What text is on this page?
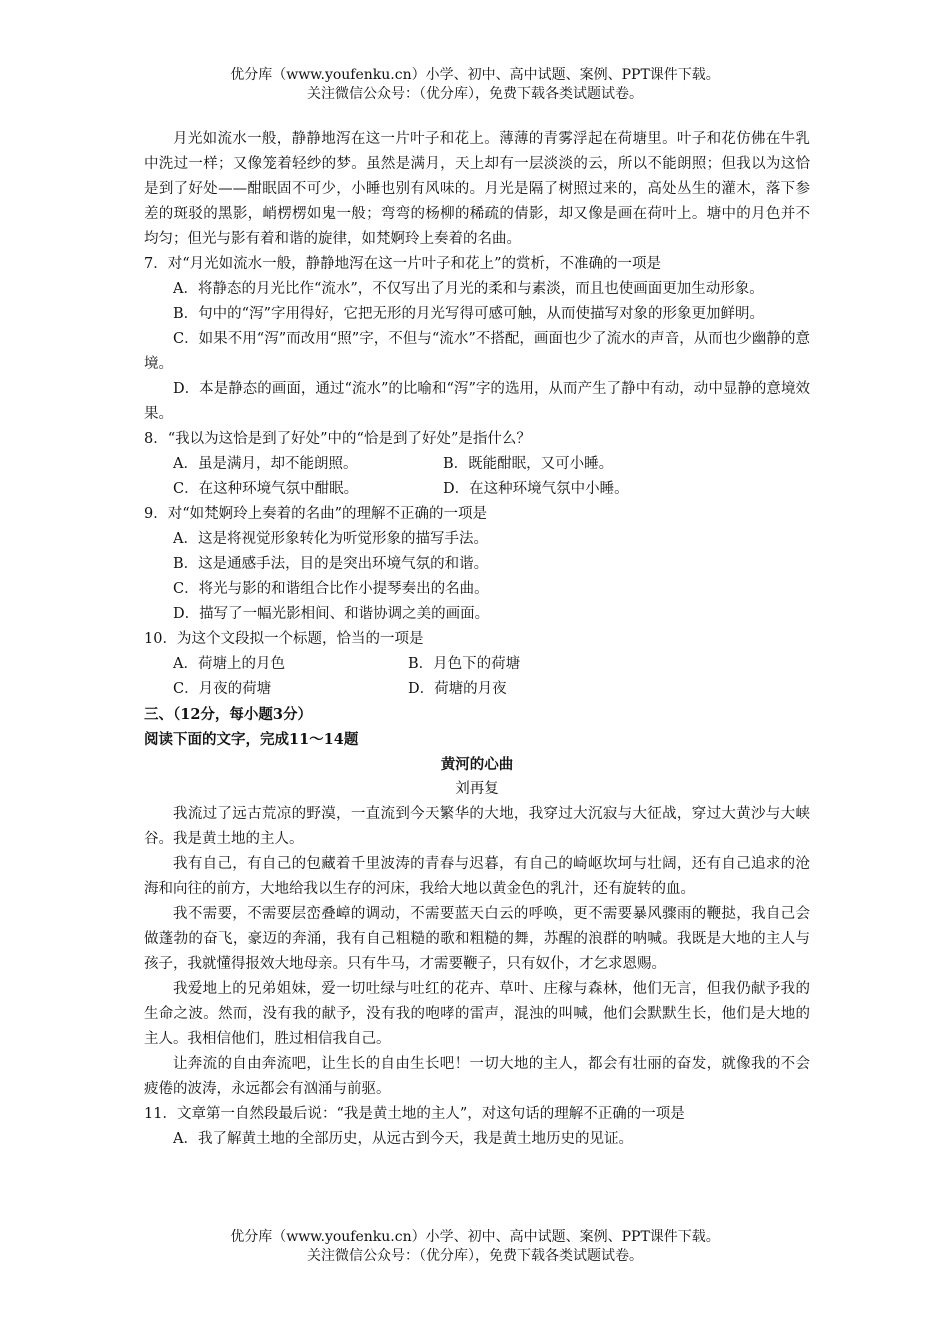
优分库（www.youfenku.cn）小学、初中、高中试题、案例、PPT课件下载。
关注微信公众号：（优分库），免费下载各类试题试卷。
月光如流水一般，静静地泻在这一片叶子和花上。薄薄的青雾浮起在荷塘里。叶子和花仿佛在牛乳中洗过一样；又像笼着轻纱的梦。虽然是满月，天上却有一层淡淡的云，所以不能朗照；但我以为这恰是到了好处——酣眠固不可少，小睡也别有风味的。月光是隔了树照过来的，高处丛生的灌木，落下参差的斑驳的黑影，峭楞楞如鬼一般；弯弯的杨柳的稀疏的倩影，却又像是画在荷叶上。塘中的月色并不均匀；但光与影有着和谐的旋律，如梵婀玲上奏着的名曲。
7．对“月光如流水一般，静静地泻在这一片叶子和花上”的赏析，不准确的一项是
A．将静态的月光比作“流水”，不仅写出了月光的柔和与素淡，而且也使画面更加生动形象。
B．句中的“泻”字用得好，它把无形的月光写得可感可触，从而使描写对象的形象更加鲜明。
C．如果不用“泻”而改用“照”字，不但与“流水”不搭配，画面也少了流水的声音，从而也少幽静的意境。
D．本是静态的画面，通过“流水”的比喻和“泻”字的选用，从而产生了静中有动，动中显静的意境效果。
8．“我以为这恰是到了好处”中的“恰是到了好处”是指什么？
A．虽是满月，却不能朗照。	B．既能酣眠，又可小睡。
C．在这种环境气氛中酣眠。	D．在这种环境气氛中小睡。
9．对“如梵婀玲上奏着的名曲”的理解不正确的一项是
A．这是将视觉形象转化为听觉形象的描写手法。
B．这是通感手法，目的是突出环境气氛的和谐。
C．将光与影的和谐组合比作小提琴奏出的名曲。
D．描写了一幅光影相间、和谐协调之美的画面。
10．为这个文段拟一个标题，恰当的一项是
A．荷塘上的月色	B．月色下的荷塘
C．月夜的荷塘	D．荷塘的月夜
三、（12分，每小题3分）
阅读下面的文字，完成11～14题
黄河的心曲
刘再复
我流过了远古荒凉的野漠，一直流到今天繁华的大地，我穿过大沉寂与大征战，穿过大黄沙与大峡谷。我是黄土地的主人。
我有自己，有自己的包藏着千里波涛的青春与迟暮，有自己的崎岖坎坷与壮阔，还有自己追求的沧海和向往的前方，大地给我以生存的河床，我给大地以黄金色的乳汁，还有旋转的血。
我不需要，不需要层峦叠嶂的调动，不需要蓝天白云的呼唤，更不需要暴风骤雨的鞭挞，我自己会做蓬勃的奋飞，豪迈的奔涌，我有自己粗糙的歌和粗糙的舞，苏醒的浪群的呐喊。我既是大地的主人与孩子，我就懂得报效大地母亲。只有牛马，才需要鞭子，只有奴仆，才乞求恩赐。
我爱地上的兄弟姐妹，爱一切吐绿与吐红的花卉、草叶、庄稼与森林，他们无言，但我仍献予我的生命之波。然而，没有我的献予，没有我的咆哮的雷声，混浊的叫喊，他们会默默生长，他们是大地的主人。我相信他们，胜过相信我自己。
让奔流的自由奔流吧，让生长的自由生长吧！一切大地的主人，都会有壮丽的奋发，就像我的不会疲倦的波涛，永远都会有汹涌与前驱。
11．文章第一自然段最后说：“我是黄土地的主人”，对这句话的理解不正确的一项是
A．我了解黄土地的全部历史，从远古到今天，我是黄土地历史的见证。
优分库（www.youfenku.cn）小学、初中、高中试题、案例、PPT课件下载。
关注微信公众号：（优分库），免费下载各类试题试卷。
